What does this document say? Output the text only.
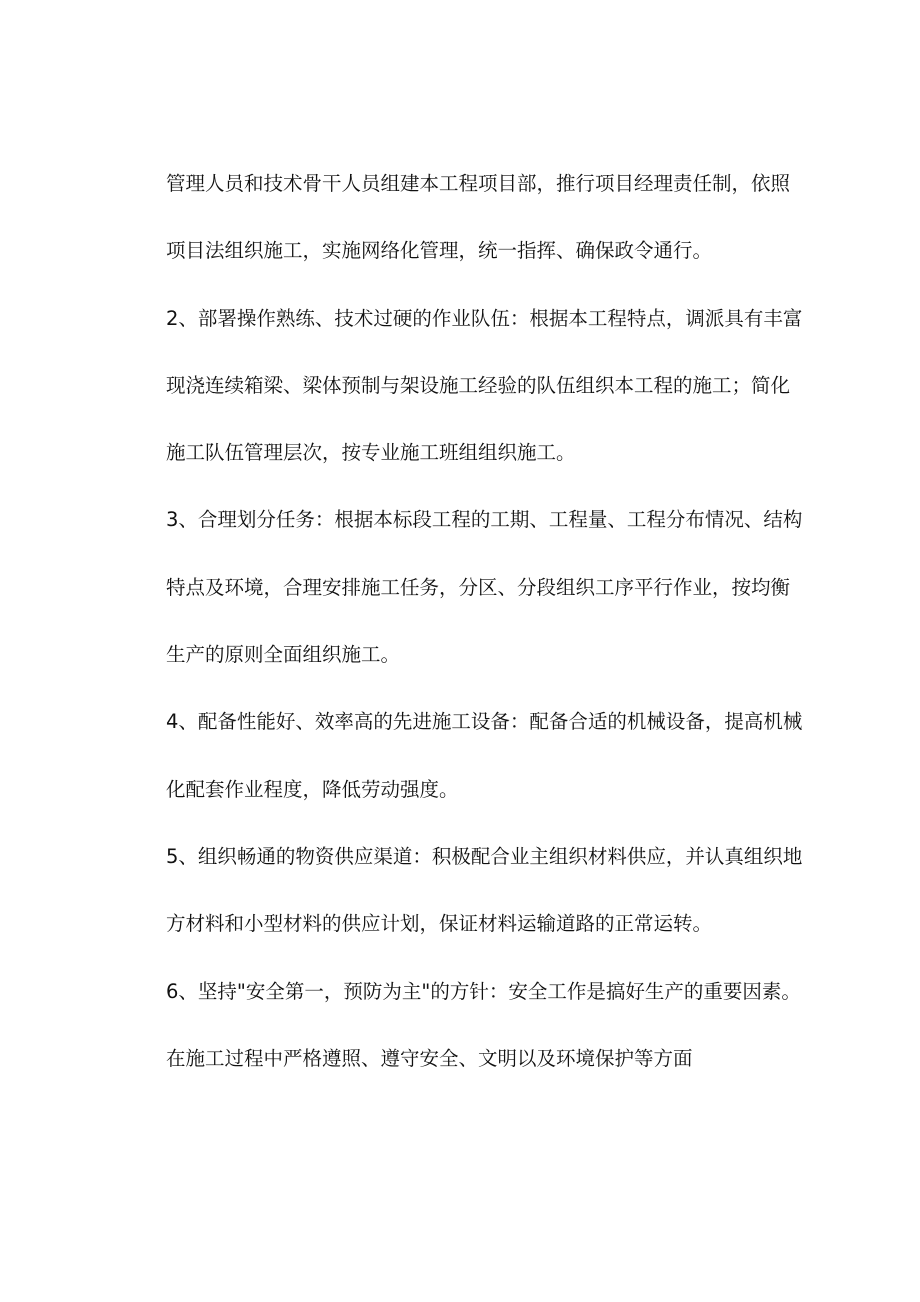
管理人员和技术骨干人员组建本工程项目部，推行项目经理责任制，依照
项目法组织施工，实施网络化管理，统一指挥、确保政令通行。
2、部署操作熟练、技术过硬的作业队伍：根据本工程特点，调派具有丰富
现浇连续箱梁、梁体预制与架设施工经验的队伍组织本工程的施工；简化
施工队伍管理层次，按专业施工班组组织施工。
3、合理划分任务：根据本标段工程的工期、工程量、工程分布情况、结构
特点及环境，合理安排施工任务，分区、分段组织工序平行作业，按均衡
生产的原则全面组织施工。
4、配备性能好、效率高的先进施工设备：配备合适的机械设备，提高机械
化配套作业程度，降低劳动强度。
5、组织畅通的物资供应渠道：积极配合业主组织材料供应，并认真组织地
方材料和小型材料的供应计划，保证材料运输道路的正常运转。
6、坚持"安全第一，预防为主"的方针：安全工作是搞好生产的重要因素。
在施工过程中严格遵照、遵守安全、文明以及环境保护等方面
